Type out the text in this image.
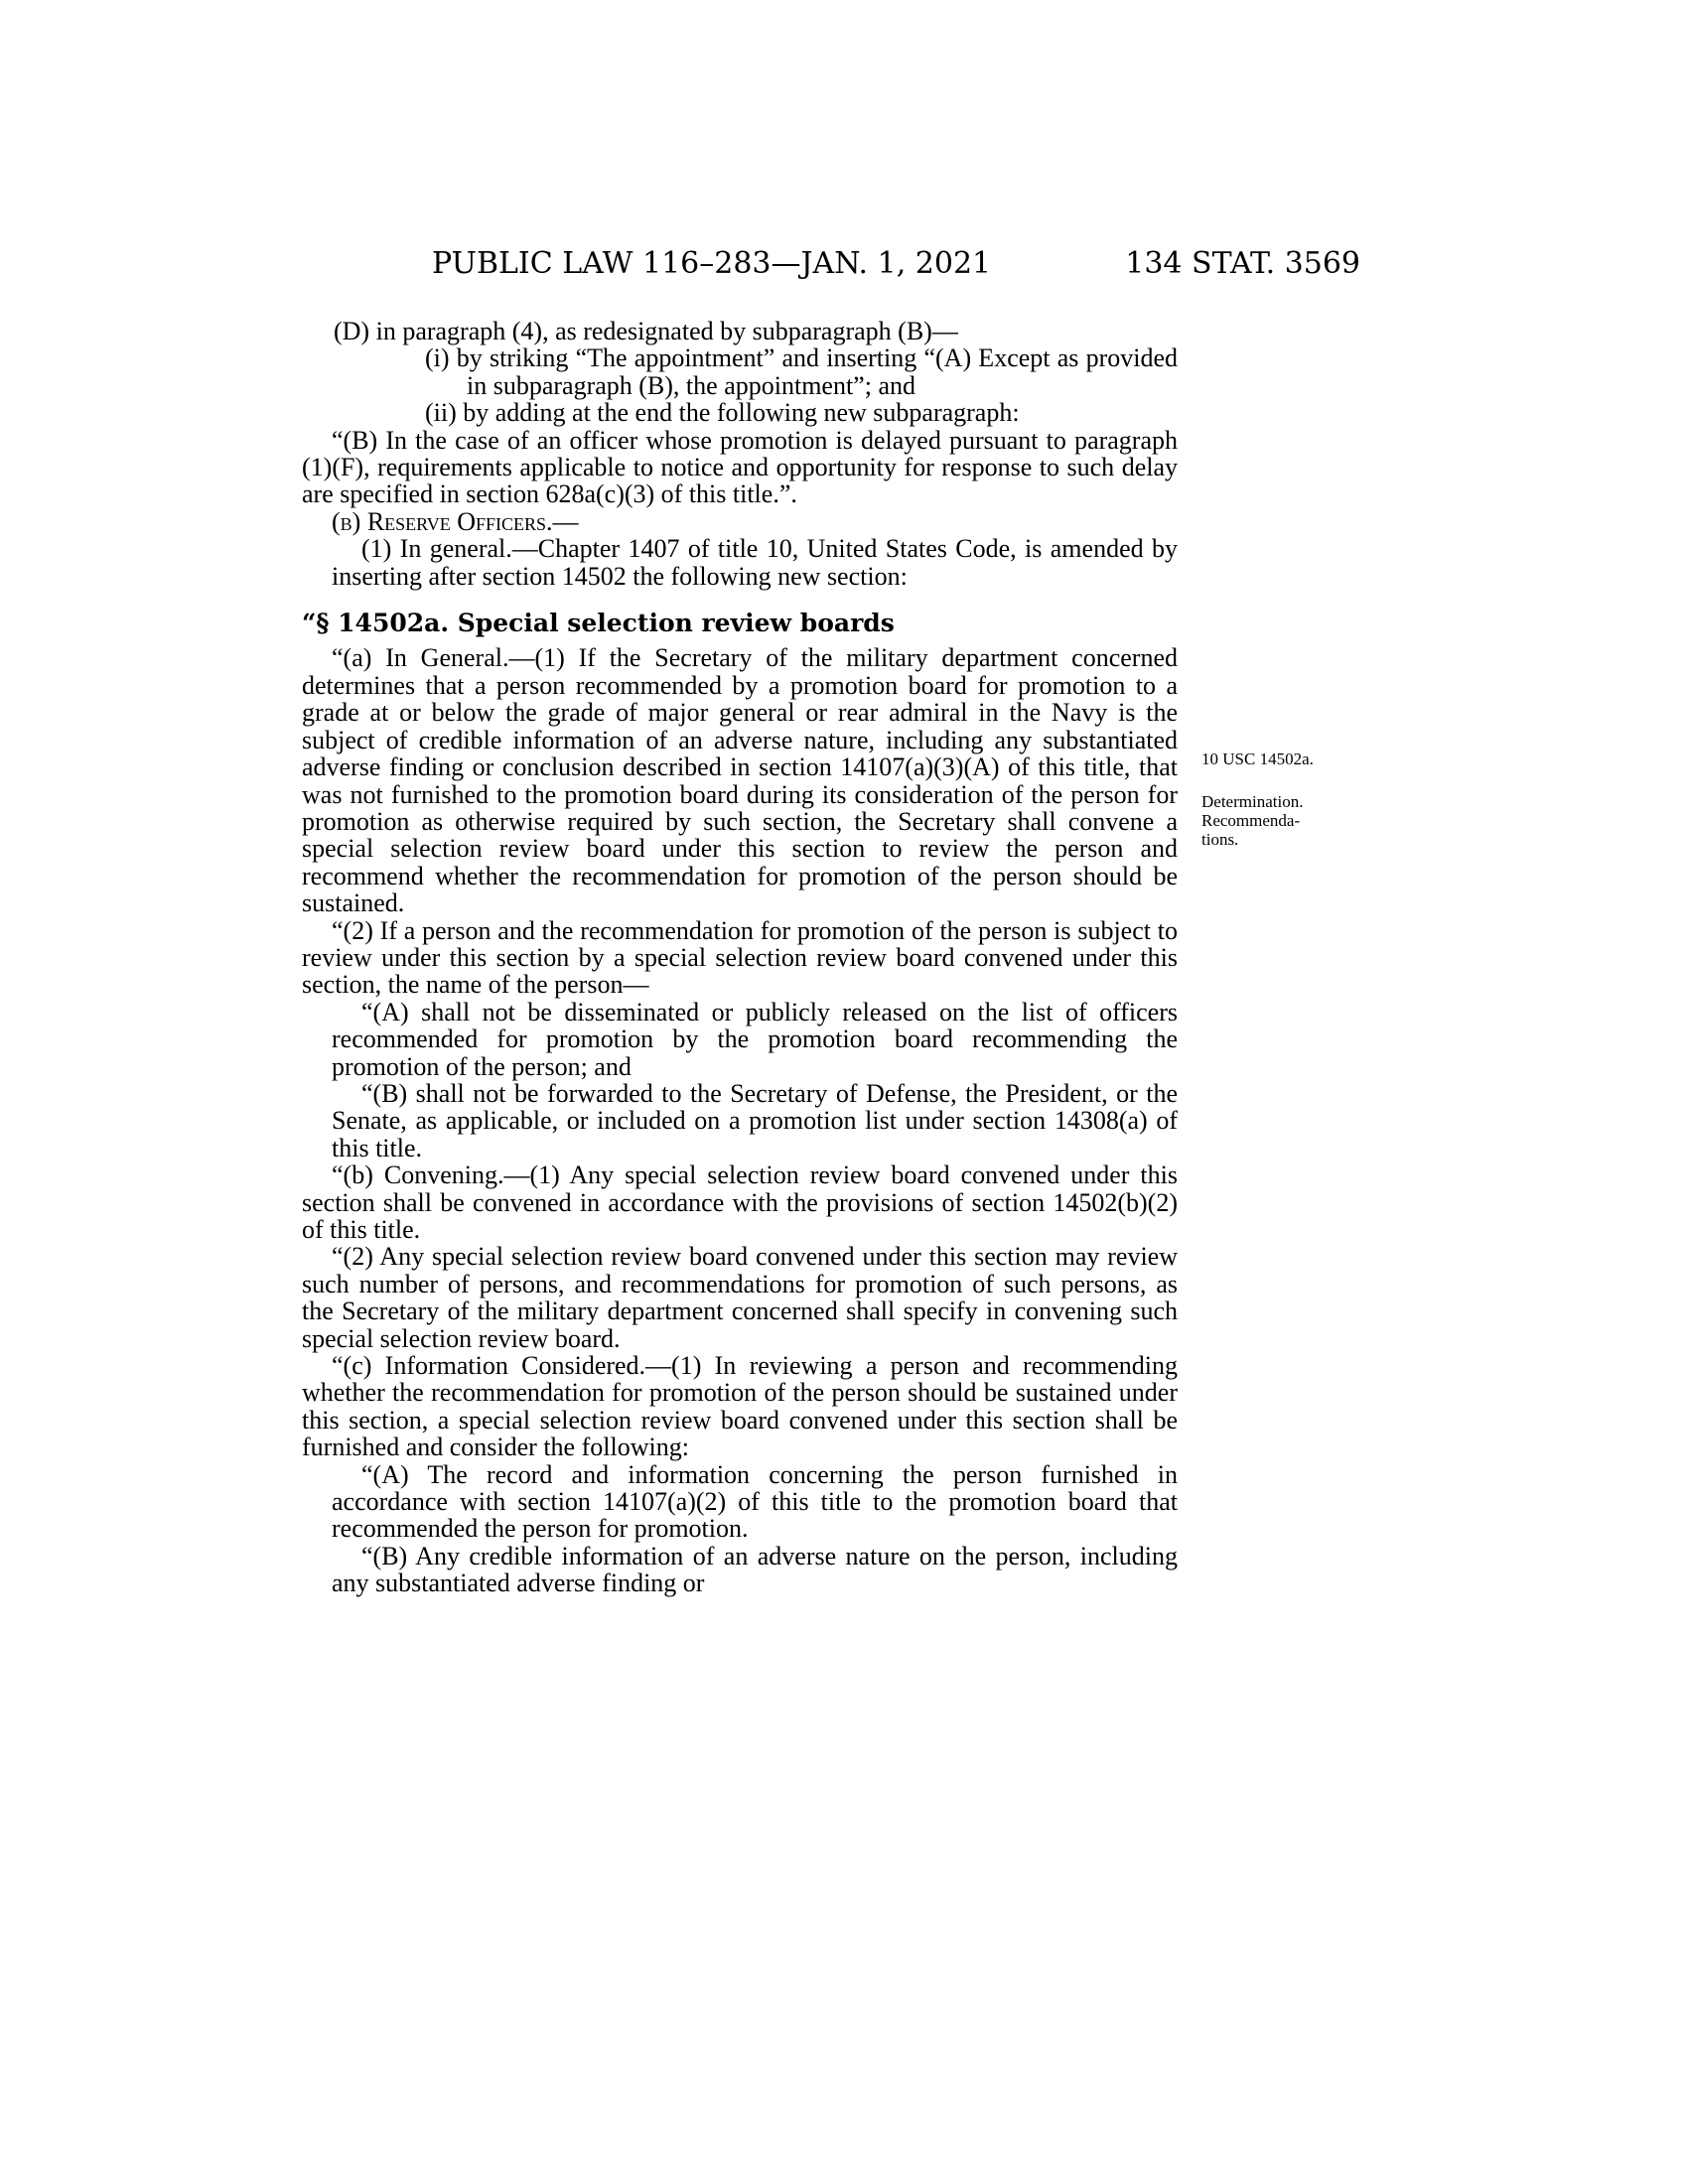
PUBLIC LAW 116–283—JAN. 1, 2021	134 STAT. 3569

(D) in paragraph (4), as redesignated by subparagraph (B)—

(i) by striking “The appointment” and inserting “(A) Except as provided in subparagraph (B), the appointment”; and

(ii) by adding at the end the following new subparagraph:

“(B) In the case of an officer whose promotion is delayed pursuant to paragraph (1)(F), requirements applicable to notice and opportunity for response to such delay are specified in section 628a(c)(3) of this title.”.

(b) Reserve Officers.—

(1) In general.—Chapter 1407 of title 10, United States Code, is amended by inserting after section 14502 the following new section:

“§ 14502a. Special selection review boards

“(a) In General.—(1) If the Secretary of the military department concerned determines that a person recommended by a promotion board for promotion to a grade at or below the grade of major general or rear admiral in the Navy is the subject of credible information of an adverse nature, including any substantiated adverse finding or conclusion described in section 14107(a)(3)(A) of this title, that was not furnished to the promotion board during its consideration of the person for promotion as otherwise required by such section, the Secretary shall convene a special selection review board under this section to review the person and recommend whether the recommendation for promotion of the person should be sustained.

“(2) If a person and the recommendation for promotion of the person is subject to review under this section by a special selection review board convened under this section, the name of the person—

“(A) shall not be disseminated or publicly released on the list of officers recommended for promotion by the promotion board recommending the promotion of the person; and

“(B) shall not be forwarded to the Secretary of Defense, the President, or the Senate, as applicable, or included on a promotion list under section 14308(a) of this title.

“(b) Convening.—(1) Any special selection review board convened under this section shall be convened in accordance with the provisions of section 14502(b)(2) of this title.

“(2) Any special selection review board convened under this section may review such number of persons, and recommendations for promotion of such persons, as the Secretary of the military department concerned shall specify in convening such special selection review board.

“(c) Information Considered.—(1) In reviewing a person and recommending whether the recommendation for promotion of the person should be sustained under this section, a special selection review board convened under this section shall be furnished and consider the following:

“(A) The record and information concerning the person furnished in accordance with section 14107(a)(2) of this title to the promotion board that recommended the person for promotion.

“(B) Any credible information of an adverse nature on the person, including any substantiated adverse finding or

10 USC 14502a.
Determination.
Recommenda-
tions.
